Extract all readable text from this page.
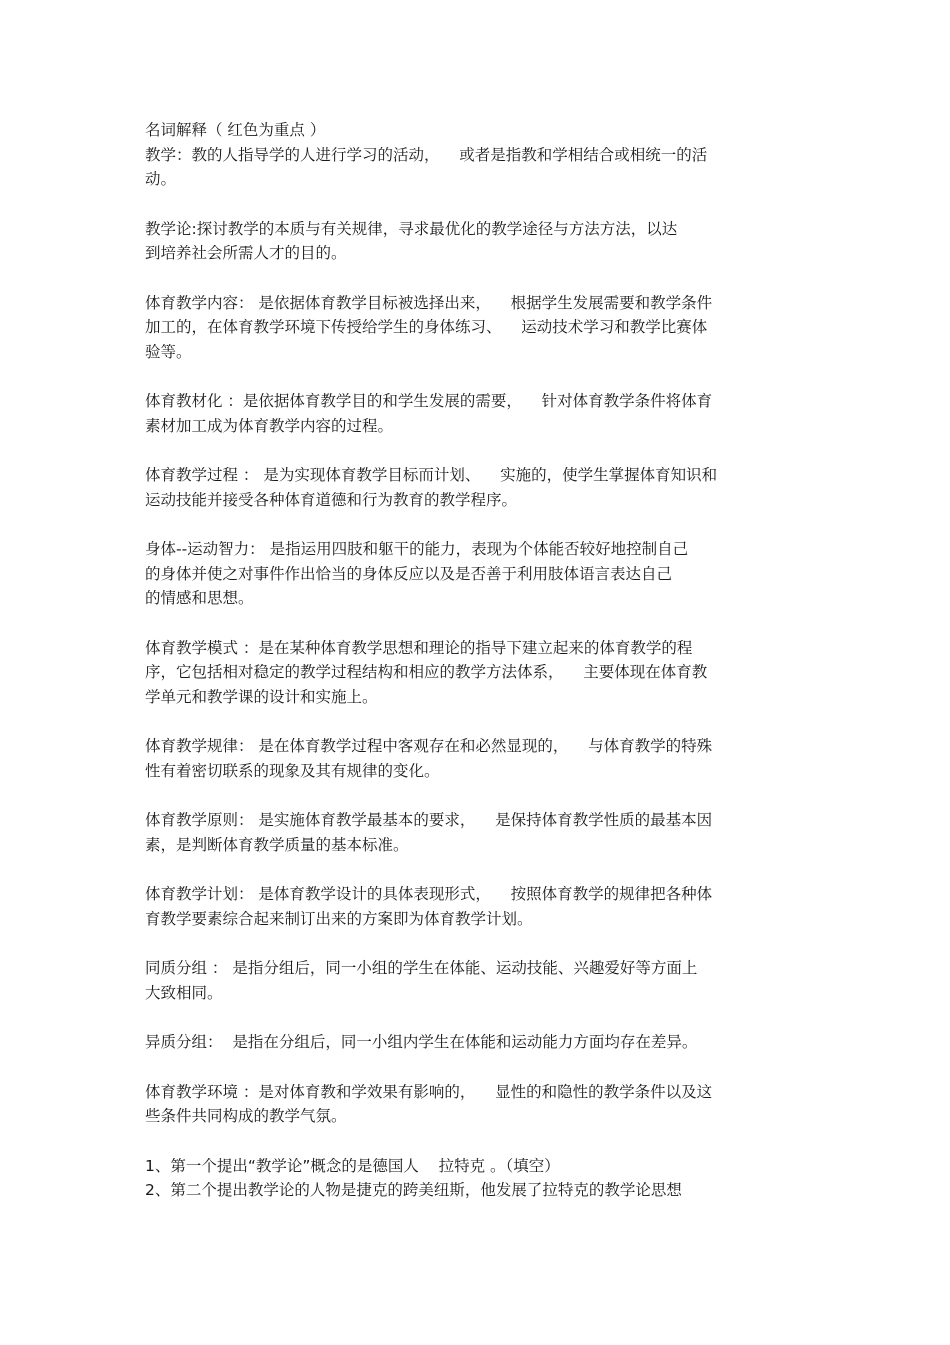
名词解释（ 红色为重点 ）

教学：教的人指导学的人进行学习的活动，    或者是指教和学相结合或相统一的活

动。

教学论:探讨教学的本质与有关规律，寻求最优化的教学途径与方法方法，以达

到培养社会所需人才的目的。

体育教学内容： 是依据体育教学目标被选择出来，    根据学生发展需要和教学条件

加工的，在体育教学环境下传授给学生的身体练习、    运动技术学习和教学比赛体

验等。

体育教材化 ：是依据体育教学目的和学生发展的需要，    针对体育教学条件将体育

素材加工成为体育教学内容的过程。

体育教学过程 ： 是为实现体育教学目标而计划、    实施的，使学生掌握体育知识和

运动技能并接受各种体育道德和行为教育的教学程序。

身体--运动智力： 是指运用四肢和躯干的能力，表现为个体能否较好地控制自己

的身体并使之对事件作出恰当的身体反应以及是否善于利用肢体语言表达自己

的情感和思想。

体育教学模式 ：是在某种体育教学思想和理论的指导下建立起来的体育教学的程

序，它包括相对稳定的教学过程结构和相应的教学方法体系，    主要体现在体育教

学单元和教学课的设计和实施上。

体育教学规律： 是在体育教学过程中客观存在和必然显现的，    与体育教学的特殊

性有着密切联系的现象及其有规律的变化。

体育教学原则： 是实施体育教学最基本的要求，    是保持体育教学性质的最基本因

素，是判断体育教学质量的基本标准。

体育教学计划： 是体育教学设计的具体表现形式，    按照体育教学的规律把各种体

育教学要素综合起来制订出来的方案即为体育教学计划。

同质分组 ： 是指分组后，同一小组的学生在体能、运动技能、兴趣爱好等方面上

大致相同。

异质分组：  是指在分组后，同一小组内学生在体能和运动能力方面均存在差异。

体育教学环境 ：是对体育教和学效果有影响的，    显性的和隐性的教学条件以及这

些条件共同构成的教学气氛。

1、第一个提出“教学论”概念的是德国人    拉特克 。（填空）

2、第二个提出教学论的人物是捷克的跨美纽斯，他发展了拉特克的教学论思想
